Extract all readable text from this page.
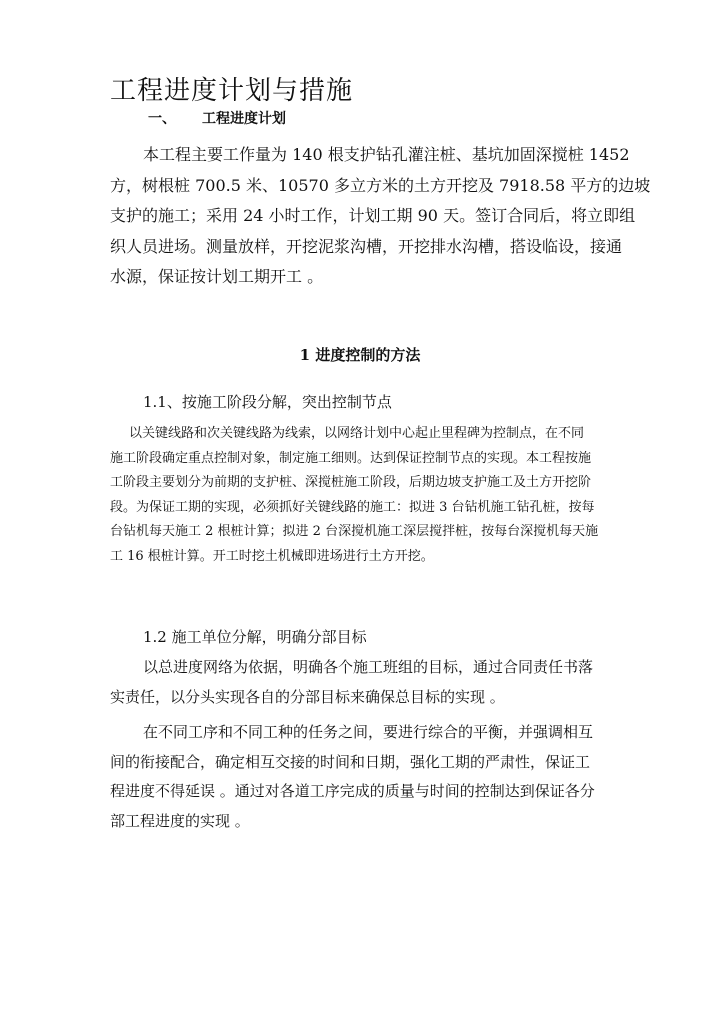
工程进度计划与措施
一、 工程进度计划

本工程主要工作量为 140 根支护钻孔灌注桩、基坑加固深搅桩 1452
方，树根桩 700.5 米、10570 多立方米的土方开挖及 7918.58 平方的边坡
支护的施工；采用 24 小时工作，计划工期 90 天。签订合同后，将立即组
织人员进场。测量放样，开挖泥浆沟槽，开挖排水沟槽，搭设临设，接通
水源，保证按计划工期开工 。

1 进度控制的方法
1.1、按施工阶段分解，突出控制节点

以关键线路和次关键线路为线索，以网络计划中心起止里程碑为控制点，在不同
施工阶段确定重点控制对象，制定施工细则。达到保证控制节点的实现。本工程按施
工阶段主要划分为前期的支护桩、深搅桩施工阶段，后期边坡支护施工及土方开挖阶
段。为保证工期的实现，必须抓好关键线路的施工：拟进 3 台钻机施工钻孔桩，按每
台钻机每天施工 2 根桩计算；拟进 2 台深搅机施工深层搅拌桩，按每台深搅机每天施
工 16 根桩计算。开工时挖土机械即进场进行土方开挖。

1.2 施工单位分解，明确分部目标

以总进度网络为依据，明确各个施工班组的目标，通过合同责任书落
实责任，以分头实现各自的分部目标来确保总目标的实现 。

在不同工序和不同工种的任务之间，要进行综合的平衡，并强调相互
间的衔接配合，确定相互交接的时间和日期，强化工期的严肃性，保证工
程进度不得延误 。通过对各道工序完成的质量与时间的控制达到保证各分
部工程进度的实现 。
